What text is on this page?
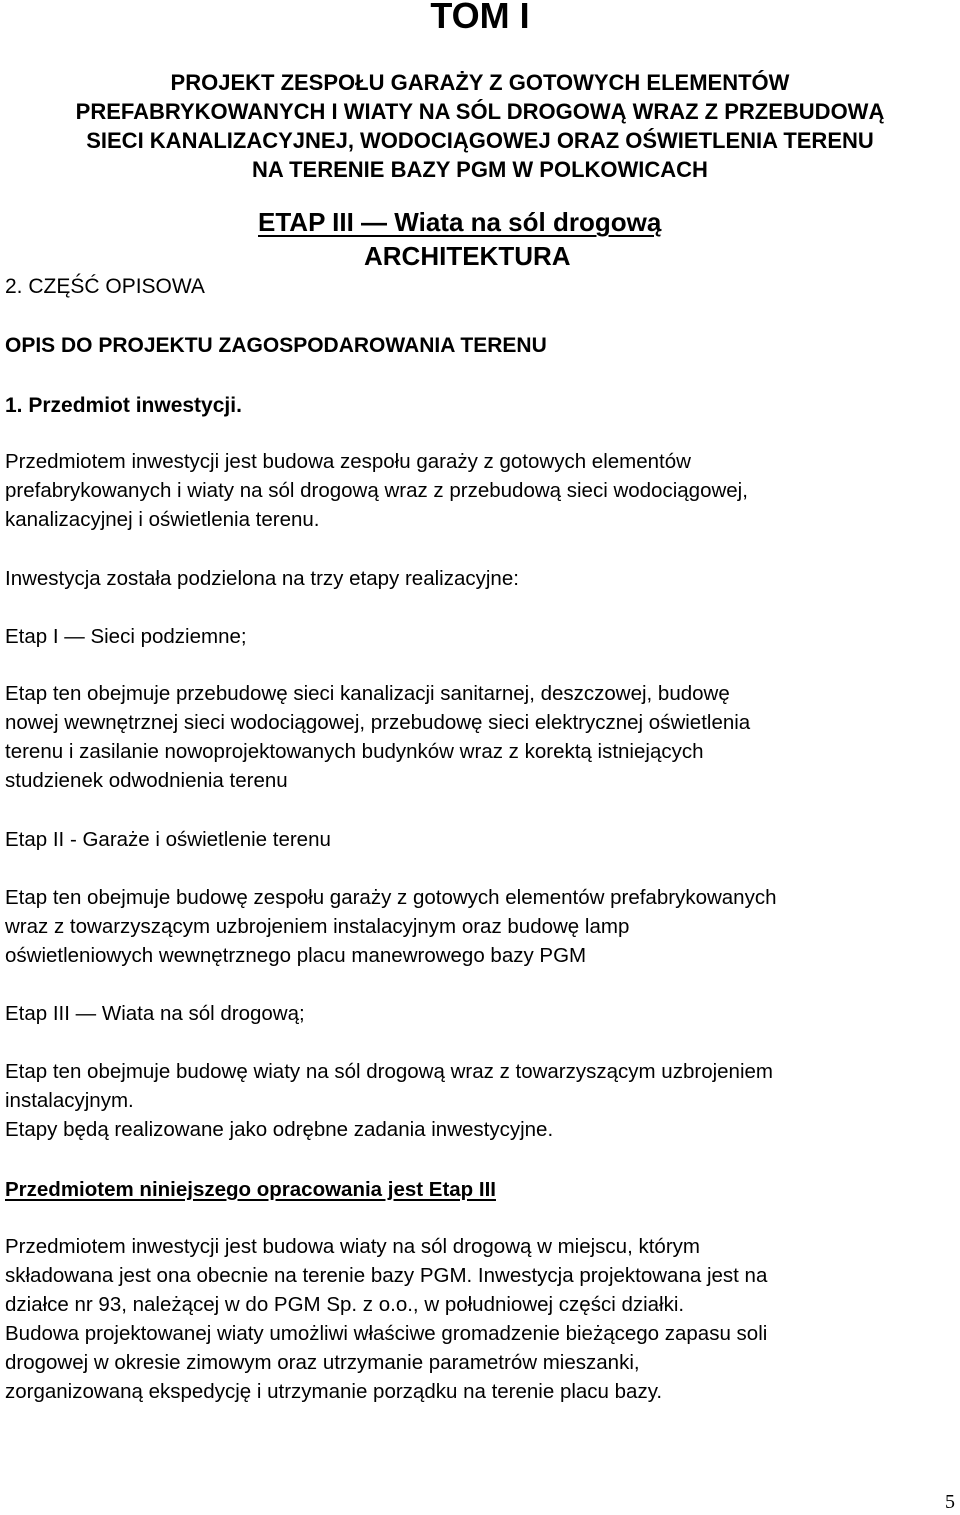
TOM I
PROJEKT ZESPOŁU GARAŻY Z GOTOWYCH ELEMENTÓW
PREFABRYKOWANYCH I WIATY NA SÓL DROGOWĄ WRAZ Z PRZEBUDOWĄ
SIECI KANALIZACYJNEJ, WODOCIĄGOWEJ ORAZ OŚWIETLENIA TERENU
NA TERENIE BAZY PGM W POLKOWICACH
ETAP III — Wiata na sól drogową
ARCHITEKTURA
2. CZĘŚĆ OPISOWA
OPIS DO PROJEKTU ZAGOSPODAROWANIA TERENU
1. Przedmiot inwestycji.
Przedmiotem inwestycji jest budowa zespołu garaży z gotowych elementów
prefabrykowanych i wiaty na sól drogową wraz z przebudową sieci wodociągowej,
kanalizacyjnej i oświetlenia terenu.
Inwestycja została podzielona na trzy etapy realizacyjne:
Etap I — Sieci podziemne;
Etap ten obejmuje przebudowę sieci kanalizacji sanitarnej, deszczowej, budowę
nowej wewnętrznej sieci wodociągowej, przebudowę sieci elektrycznej oświetlenia
terenu i zasilanie nowoprojektowanych budynków wraz z korektą istniejących
studzienek odwodnienia terenu
Etap II - Garaże i oświetlenie terenu
Etap ten obejmuje budowę zespołu garaży z gotowych elementów prefabrykowanych
wraz z towarzyszącym uzbrojeniem instalacyjnym oraz budowę lamp
oświetleniowych wewnętrznego placu manewrowego bazy PGM
Etap III — Wiata na sól drogową;
Etap ten obejmuje budowę wiaty na sól drogową wraz z towarzyszącym uzbrojeniem
instalacyjnym.
Etapy będą realizowane jako odrębne zadania inwestycyjne.
Przedmiotem niniejszego opracowania jest Etap III
Przedmiotem inwestycji jest budowa wiaty na sól drogową w miejscu, którym
składowana jest ona obecnie na terenie bazy PGM. Inwestycja projektowana jest na
działce nr 93, należącej w do PGM Sp. z o.o., w południowej części działki.
Budowa projektowanej wiaty umożliwi właściwe gromadzenie bieżącego zapasu soli
drogowej w okresie zimowym oraz utrzymanie parametrów mieszanki,
zorganizowaną ekspedycję i utrzymanie porządku na terenie placu bazy.
5
